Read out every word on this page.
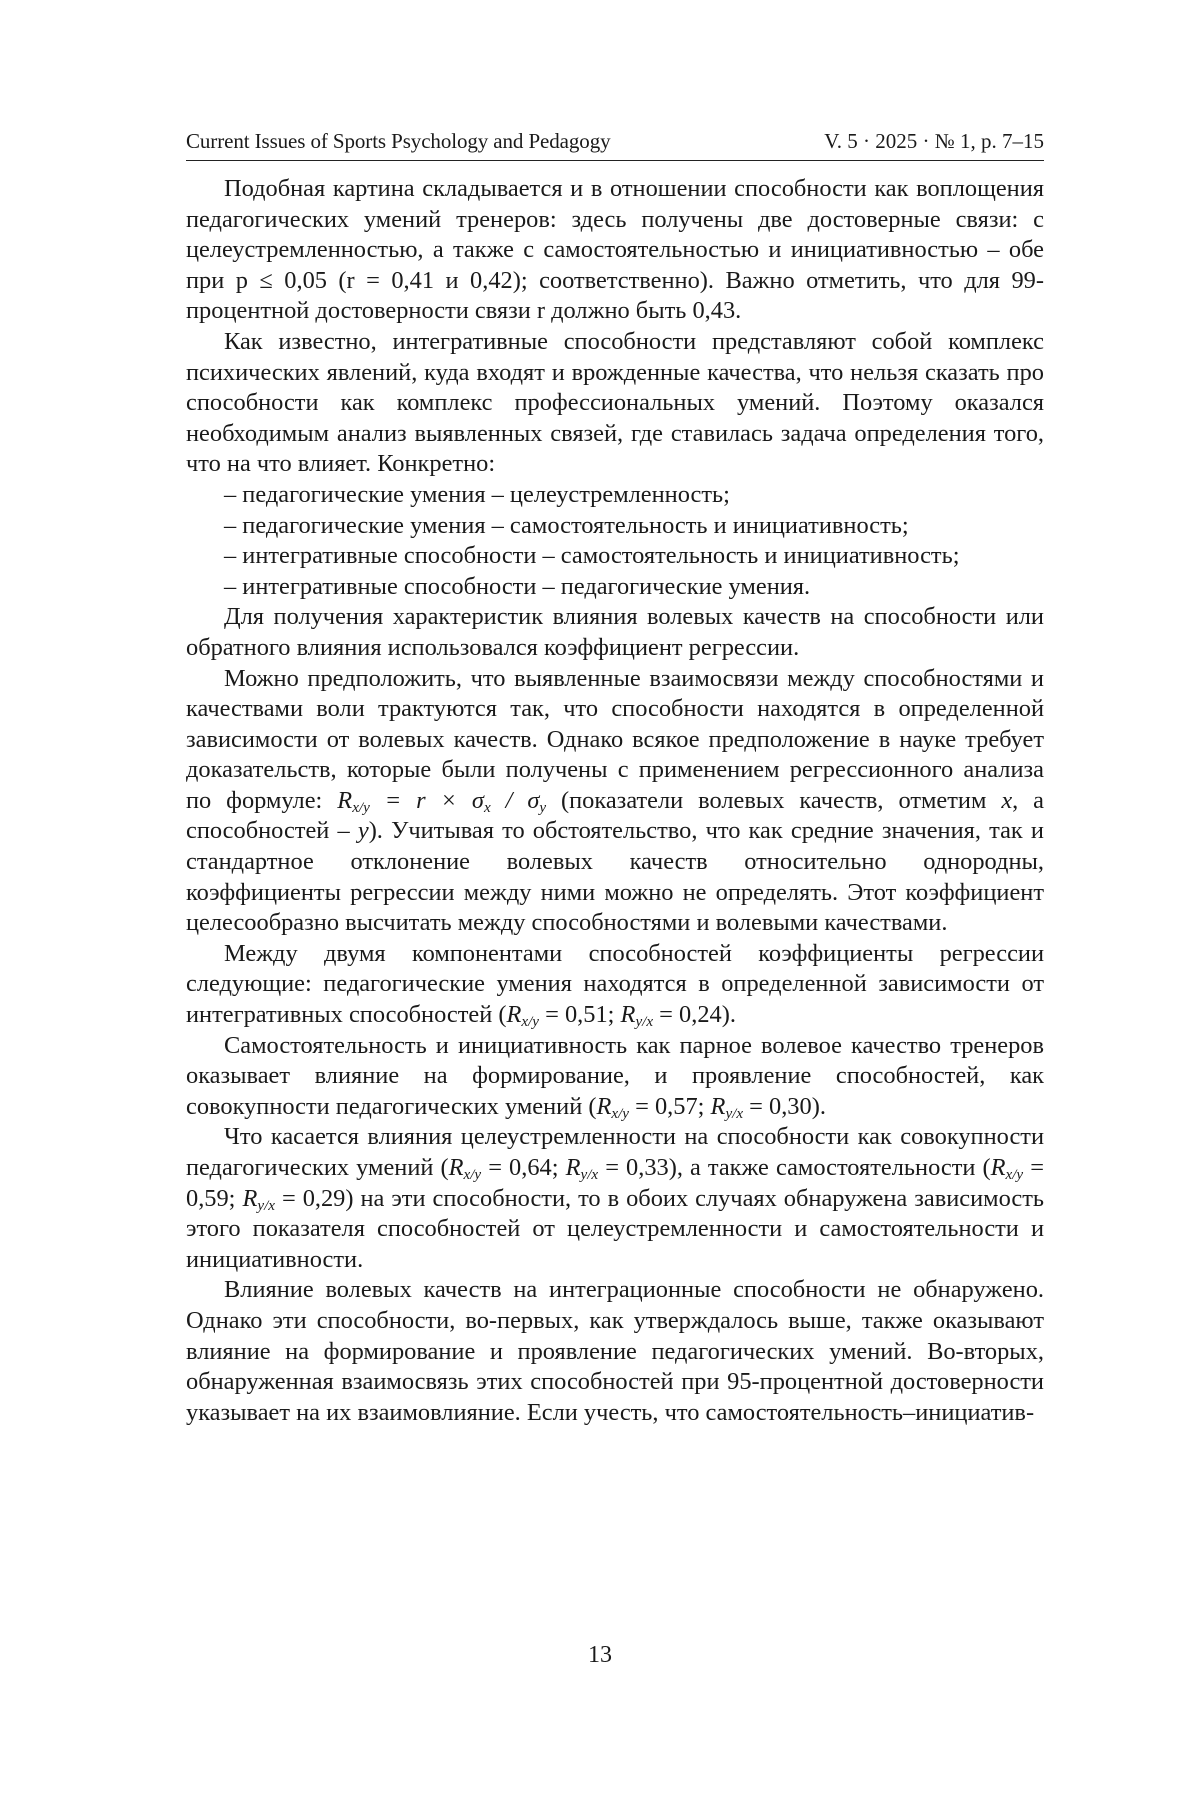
Current Issues of Sports Psychology and Pedagogy	V. 5 · 2025 · № 1, p. 7–15

Подобная картина складывается и в отношении способности как воплощения педагогических умений тренеров: здесь получены две достоверные связи: с целеустремленностью, а также с самостоятельностью и инициативностью – обе при p ≤ 0,05 (r = 0,41 и 0,42); соответственно). Важно отметить, что для 99-процентной достоверности связи r должно быть 0,43.

Как известно, интегративные способности представляют собой комплекс психических явлений, куда входят и врожденные качества, что нельзя сказать про способности как комплекс профессиональных умений. Поэтому оказался необходимым анализ выявленных связей, где ставилась задача определения того, что на что влияет. Конкретно:

– педагогические умения – целеустремленность;

– педагогические умения – самостоятельность и инициативность;

– интегративные способности – самостоятельность и инициативность;

– интегративные способности – педагогические умения.

Для получения характеристик влияния волевых качеств на способности или обратного влияния использовался коэффициент регрессии.

Можно предположить, что выявленные взаимосвязи между способностями и качествами воли трактуются так, что способности находятся в определенной зависимости от волевых качеств. Однако всякое предположение в науке требует доказательств, которые были получены с применением регрессионного анализа по формуле: Rx/y = r × σx / σy (показатели волевых качеств, отметим x, а способностей – y). Учитывая то обстоятельство, что как средние значения, так и стандартное отклонение волевых качеств относительно однородны, коэффициенты регрессии между ними можно не определять. Этот коэффициент целесообразно высчитать между способностями и волевыми качествами.

Между двумя компонентами способностей коэффициенты регрессии следующие: педагогические умения находятся в определенной зависимости от интегративных способностей (Rx/y = 0,51; Ry/x = 0,24).

Самостоятельность и инициативность как парное волевое качество тренеров оказывает влияние на формирование, и проявление способностей, как совокупности педагогических умений (Rx/y = 0,57; Ry/x = 0,30).

Что касается влияния целеустремленности на способности как совокупности педагогических умений (Rx/y = 0,64; Ry/x = 0,33), а также самостоятельности (Rx/y = 0,59; Ry/x = 0,29) на эти способности, то в обоих случаях обнаружена зависимость этого показателя способностей от целеустремленности и самостоятельности и инициативности.

Влияние волевых качеств на интеграционные способности не обнаружено. Однако эти способности, во-первых, как утверждалось выше, также оказывают влияние на формирование и проявление педагогических умений. Во-вторых, обнаруженная взаимосвязь этих способностей при 95-процентной достоверности указывает на их взаимовлияние. Если учесть, что самостоятельность–инициатив-

13
